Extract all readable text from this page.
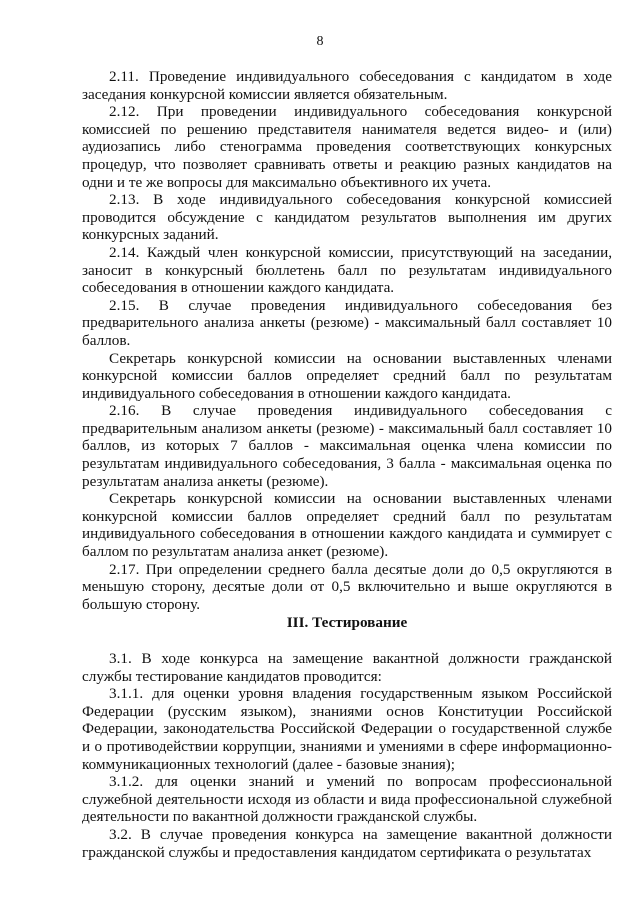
8

2.11. Проведение индивидуального собеседования с кандидатом в ходе заседания конкурсной комиссии является обязательным.

2.12. При проведении индивидуального собеседования конкурсной комиссией по решению представителя нанимателя ведется видео- и (или) аудиозапись либо стенограмма проведения соответствующих конкурсных процедур, что позволяет сравнивать ответы и реакцию разных кандидатов на одни и те же вопросы для максимально объективного их учета.

2.13. В ходе индивидуального собеседования конкурсной комиссией проводится обсуждение с кандидатом результатов выполнения им других конкурсных заданий.

2.14. Каждый член конкурсной комиссии, присутствующий на заседании, заносит в конкурсный бюллетень балл по результатам индивидуального собеседования в отношении каждого кандидата.

2.15. В случае проведения индивидуального собеседования без предварительного анализа анкеты (резюме) - максимальный балл составляет 10 баллов.

Секретарь конкурсной комиссии на основании выставленных членами конкурсной комиссии баллов определяет средний балл по результатам индивидуального собеседования в отношении каждого кандидата.

2.16. В случае проведения индивидуального собеседования с предварительным анализом анкеты (резюме) - максимальный балл составляет 10 баллов, из которых 7 баллов - максимальная оценка члена комиссии по результатам индивидуального собеседования, 3 балла - максимальная оценка по результатам анализа анкеты (резюме).

Секретарь конкурсной комиссии на основании выставленных членами конкурсной комиссии баллов определяет средний балл по результатам индивидуального собеседования в отношении каждого кандидата и суммирует с баллом по результатам анализа анкет (резюме).

2.17. При определении среднего балла десятые доли до 0,5 округляются в меньшую сторону, десятые доли от 0,5 включительно и выше округляются в большую сторону.

III. Тестирование

3.1. В ходе конкурса на замещение вакантной должности гражданской службы тестирование кандидатов проводится:

3.1.1. для оценки уровня владения государственным языком Российской Федерации (русским языком), знаниями основ Конституции Российской Федерации, законодательства Российской Федерации о государственной службе и о противодействии коррупции, знаниями и умениями в сфере информационно-коммуникационных технологий (далее - базовые знания);

3.1.2. для оценки знаний и умений по вопросам профессиональной служебной деятельности исходя из области и вида профессиональной служебной деятельности по вакантной должности гражданской службы.

3.2. В случае проведения конкурса на замещение вакантной должности гражданской службы и предоставления кандидатом сертификата о результатах
